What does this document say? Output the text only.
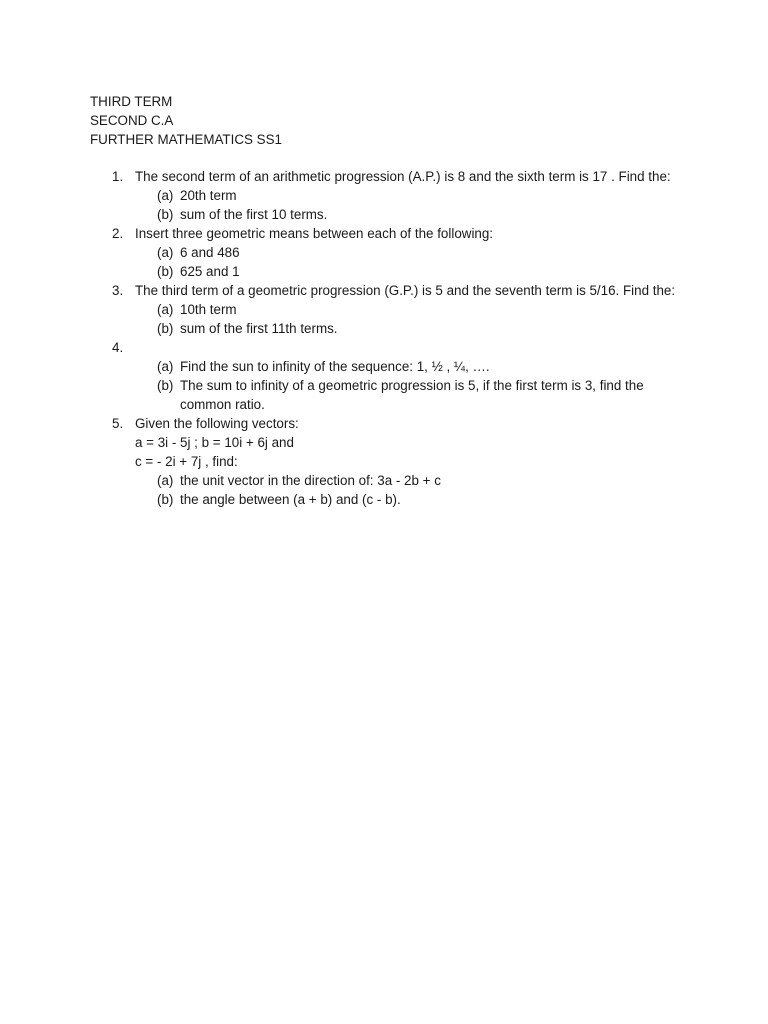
THIRD TERM
SECOND C.A
FURTHER MATHEMATICS SS1
1. The second term of an arithmetic progression (A.P.) is 8 and the sixth term is 17 . Find the:
(a) 20th term
(b) sum of the first 10 terms.
2. Insert three geometric means between each of the following:
(a) 6 and 486
(b) 625 and 1
3. The third term of a geometric progression (G.P.) is 5 and the seventh term is 5/16. Find the:
(a) 10th term
(b) sum of the first 11th terms.
4.
(a) Find the sun to infinity of the sequence: 1, ½ , ¼, ….
(b) The sum to infinity of a geometric progression is 5, if the first term is 3, find the common ratio.
5. Given the following vectors:
a = 3i - 5j ; b = 10i + 6j and
c = - 2i + 7j , find:
(a) the unit vector in the direction of: 3a - 2b + c
(b) the angle between (a + b) and (c - b).
